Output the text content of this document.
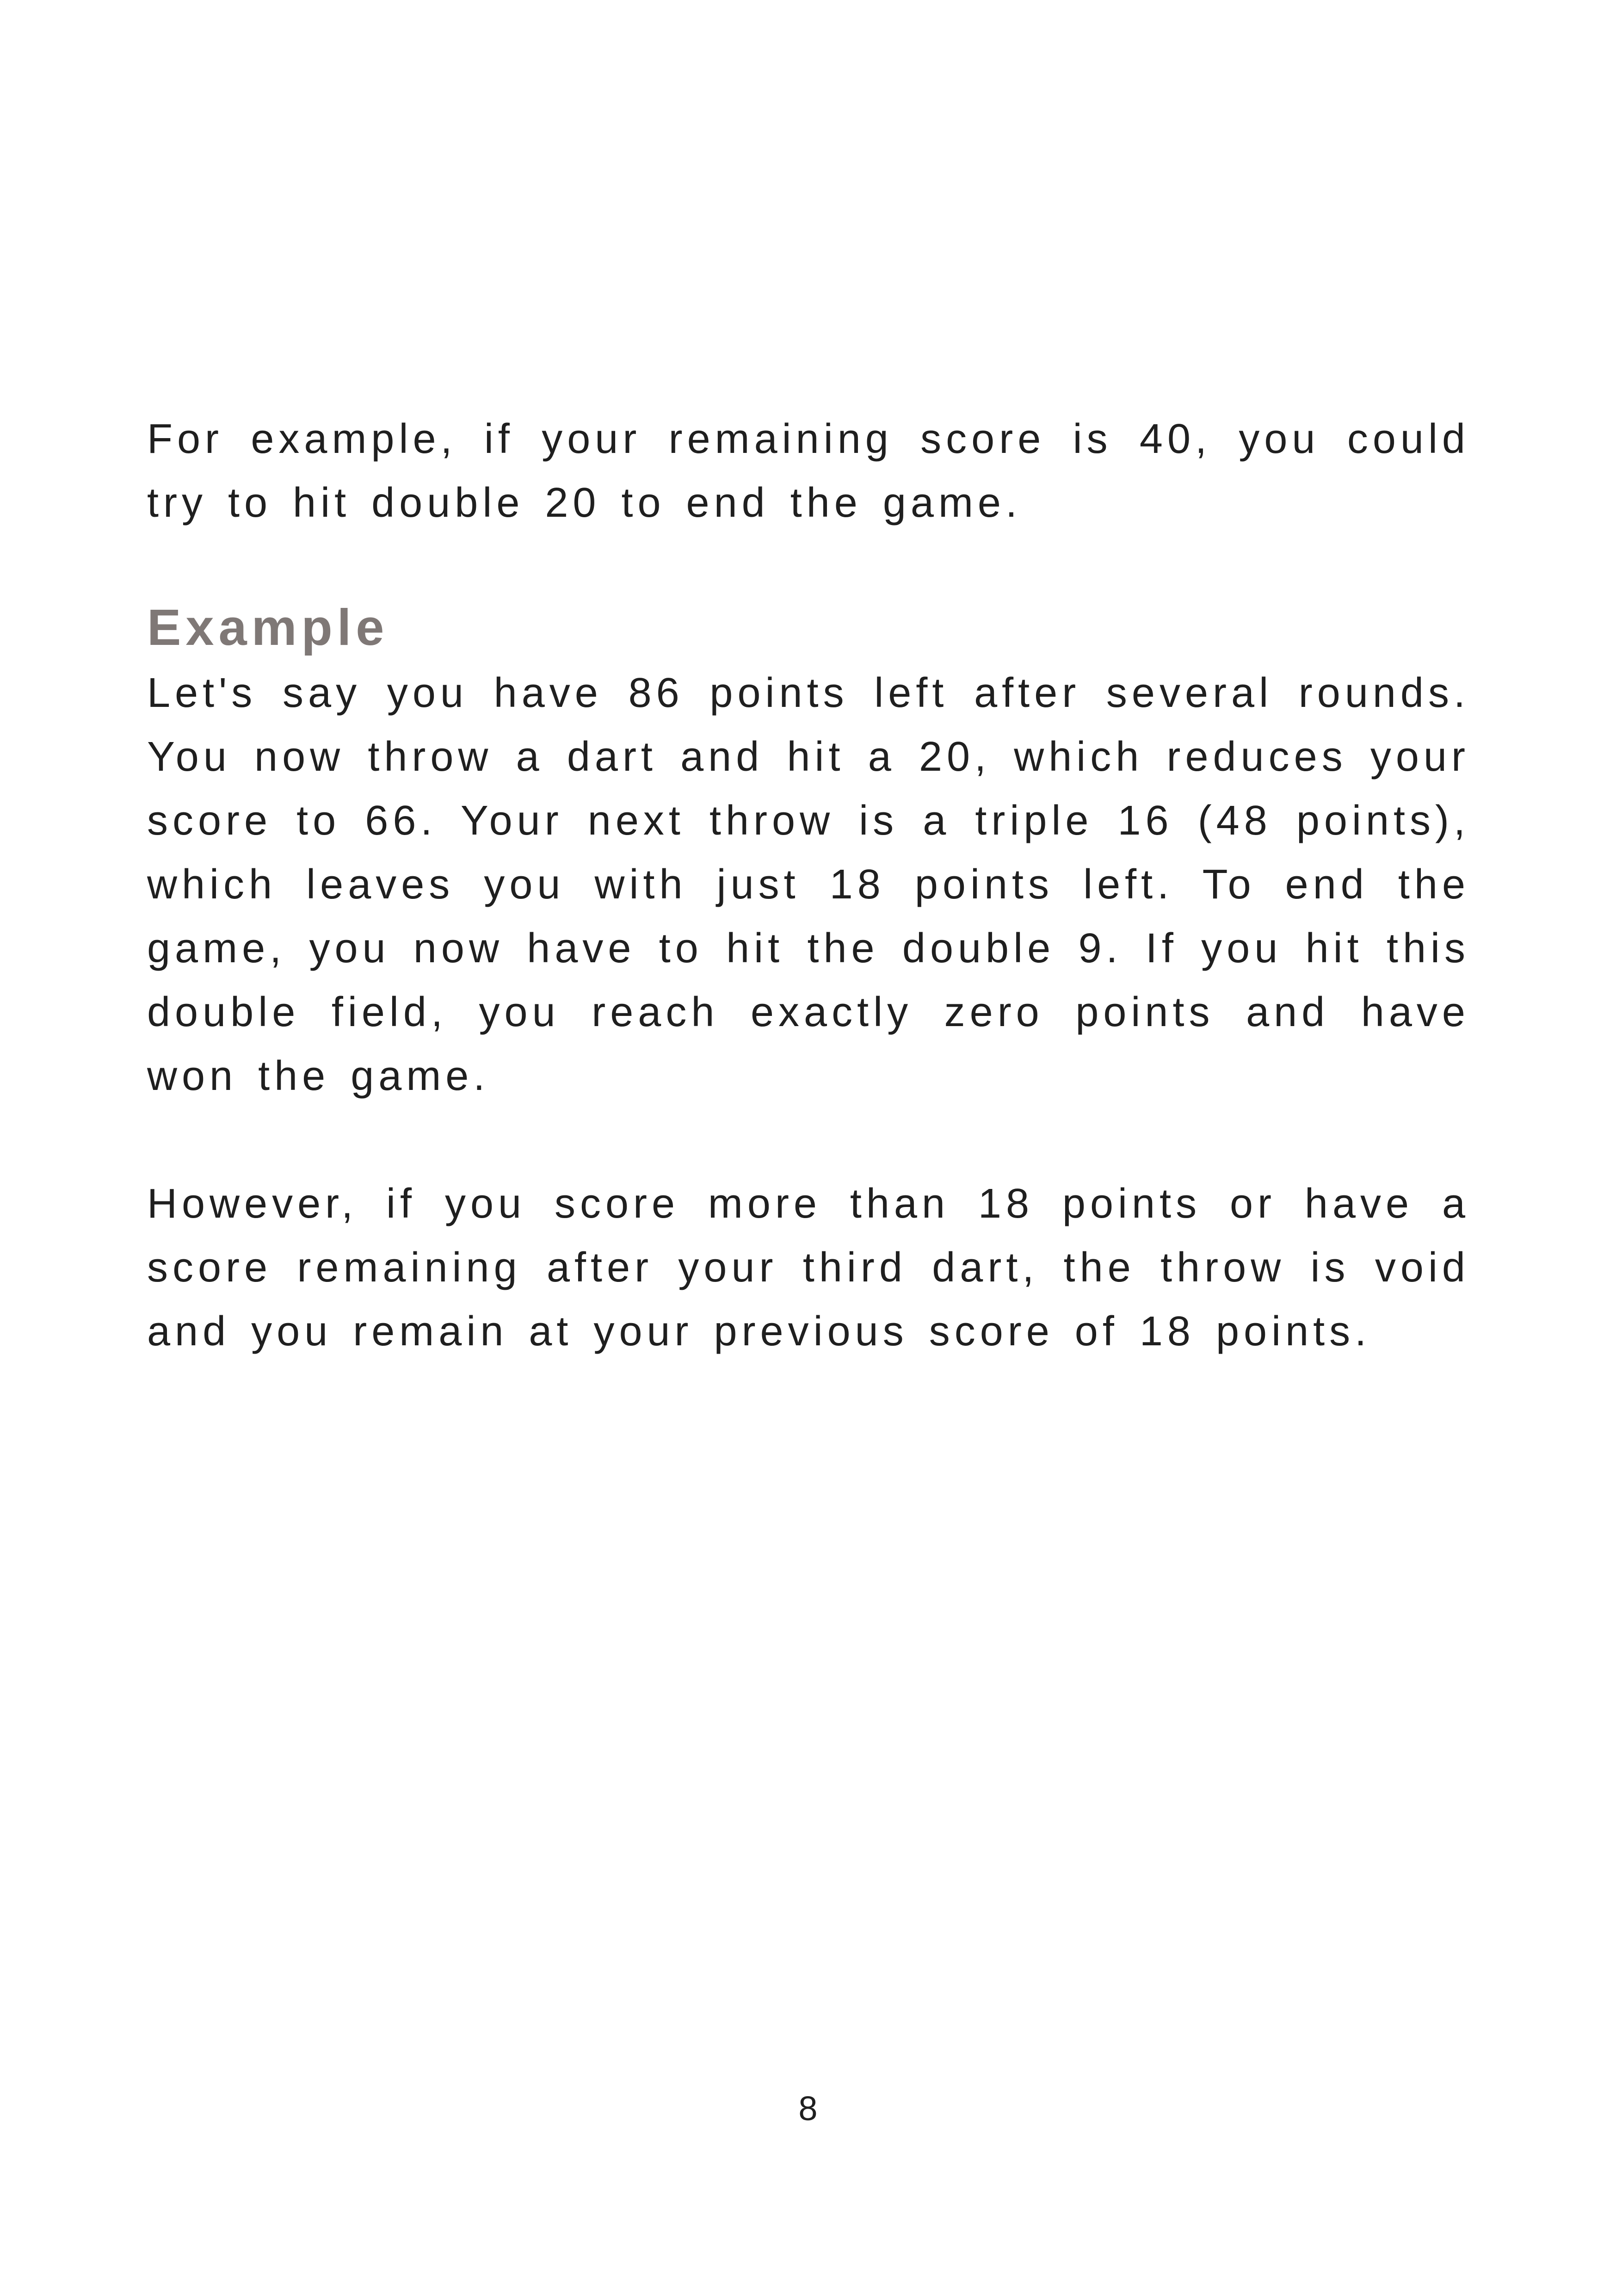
For example, if your remaining score is 40, you could try to hit double 20 to end the game.

Example

Let's say you have 86 points left after several rounds. You now throw a dart and hit a 20, which reduces your score to 66. Your next throw is a triple 16 (48 points), which leaves you with just 18 points left. To end the game, you now have to hit the double 9. If you hit this double field, you reach exactly zero points and have won the game.

However, if you score more than 18 points or have a score remaining after your third dart, the throw is void and you remain at your previous score of 18 points.

8
